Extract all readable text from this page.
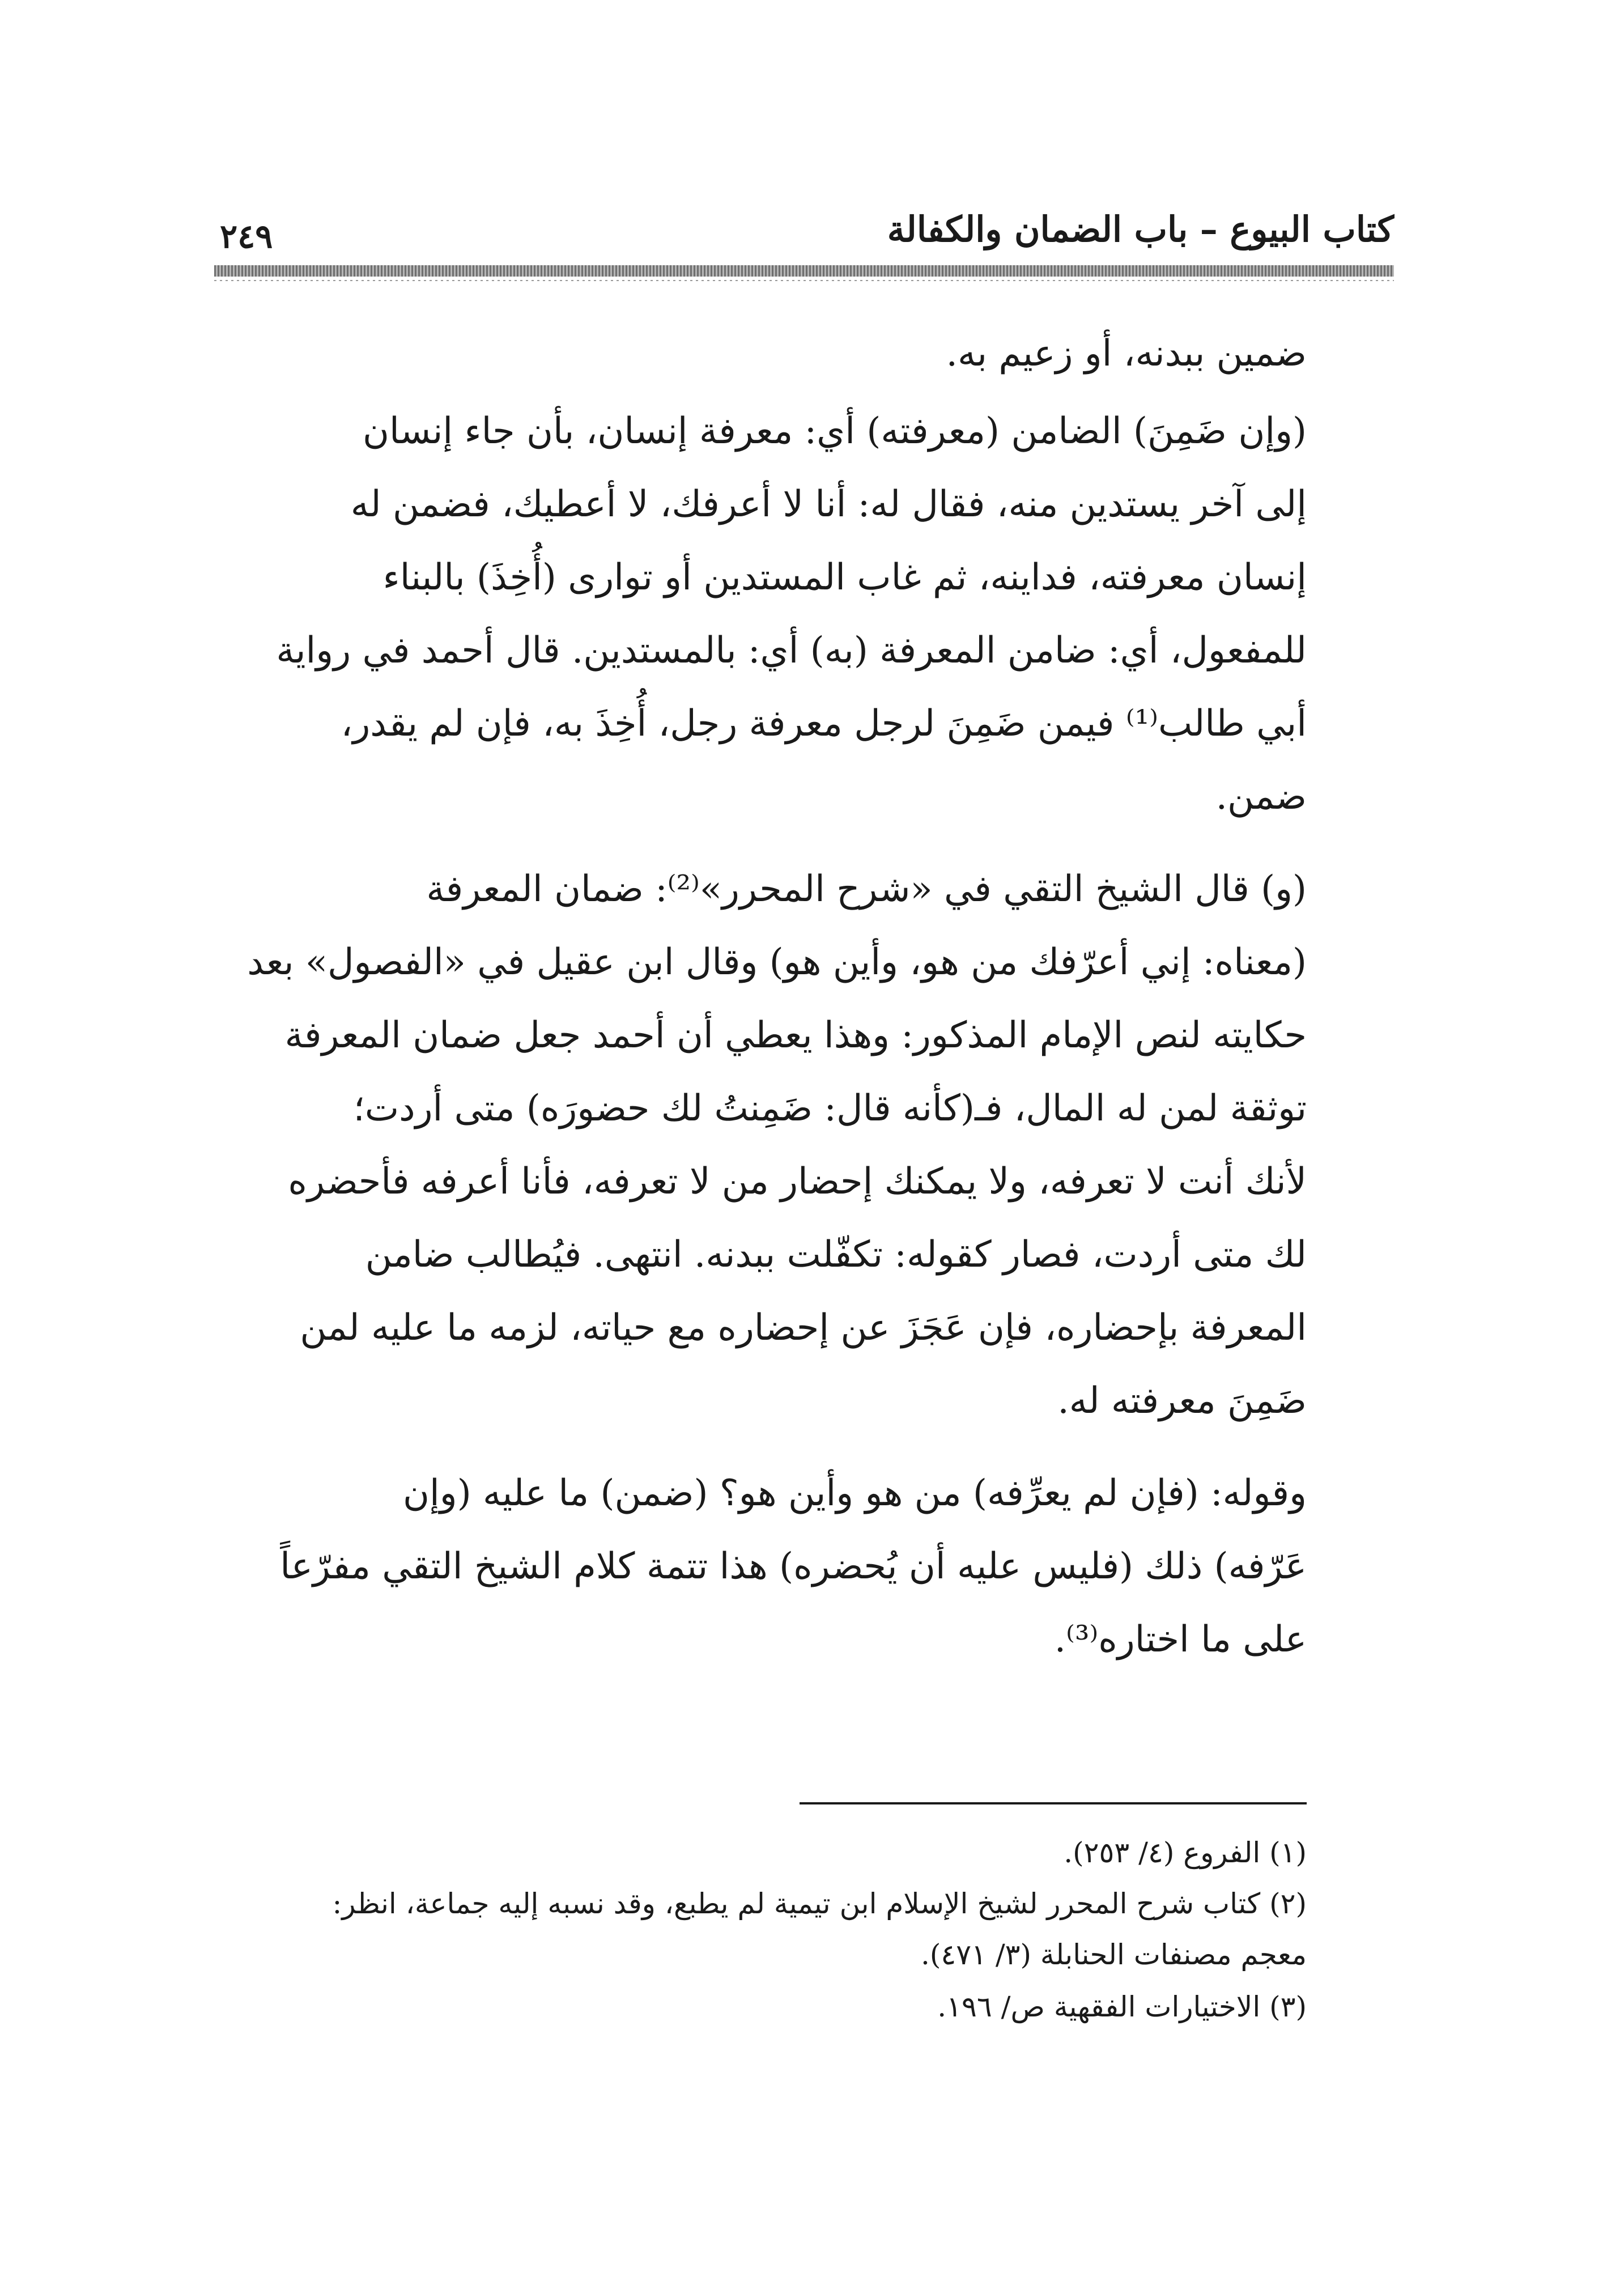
كتاب البيوع – باب الضمان والكفالة
٢٤٩

ضمين ببدنه، أو زعيم به.

(وإن ضَمِنَ) الضامن (معرفته) أي: معرفة إنسان، بأن جاء إنسان
إلى آخر يستدين منه، فقال له: أنا لا أعرفك، لا أعطيك، فضمن له
إنسان معرفته، فداينه، ثم غاب المستدين أو توارى (أُخِذَ) بالبناء
للمفعول، أي: ضامن المعرفة (به) أي: بالمستدين. قال أحمد في رواية
أبي طالب⁽¹⁾ فيمن ضَمِنَ لرجل معرفة رجل، أُخِذَ به، فإن لم يقدر،
ضمن.

(و) قال الشيخ التقي في «شرح المحرر»⁽²⁾: ضمان المعرفة
(معناه: إني أعرّفك من هو، وأين هو) وقال ابن عقيل في «الفصول» بعد
حكايته لنص الإمام المذكور: وهذا يعطي أن أحمد جعل ضمان المعرفة
توثقة لمن له المال، فـ(كأنه قال: ضَمِنتُ لك حضورَه) متى أردت؛
لأنك أنت لا تعرفه، ولا يمكنك إحضار من لا تعرفه، فأنا أعرفه فأحضره
لك متى أردت، فصار كقوله: تكفّلت ببدنه. انتهى. فيُطالب ضامن
المعرفة بإحضاره، فإن عَجَزَ عن إحضاره مع حياته، لزمه ما عليه لمن
ضَمِنَ معرفته له.

وقوله: (فإن لم يعرِّفه) من هو وأين هو؟ (ضمن) ما عليه (وإن
عَرّفه) ذلك (فليس عليه أن يُحضره) هذا تتمة كلام الشيخ التقي مفرّعاً
على ما اختاره⁽³⁾.

(١) الفروع (٤/ ٢٥٣).

(٢) كتاب شرح المحرر لشيخ الإسلام ابن تيمية لم يطبع، وقد نسبه إليه جماعة، انظر:
معجم مصنفات الحنابلة (٣/ ٤٧١).

(٣) الاختيارات الفقهية ص/ ١٩٦.
